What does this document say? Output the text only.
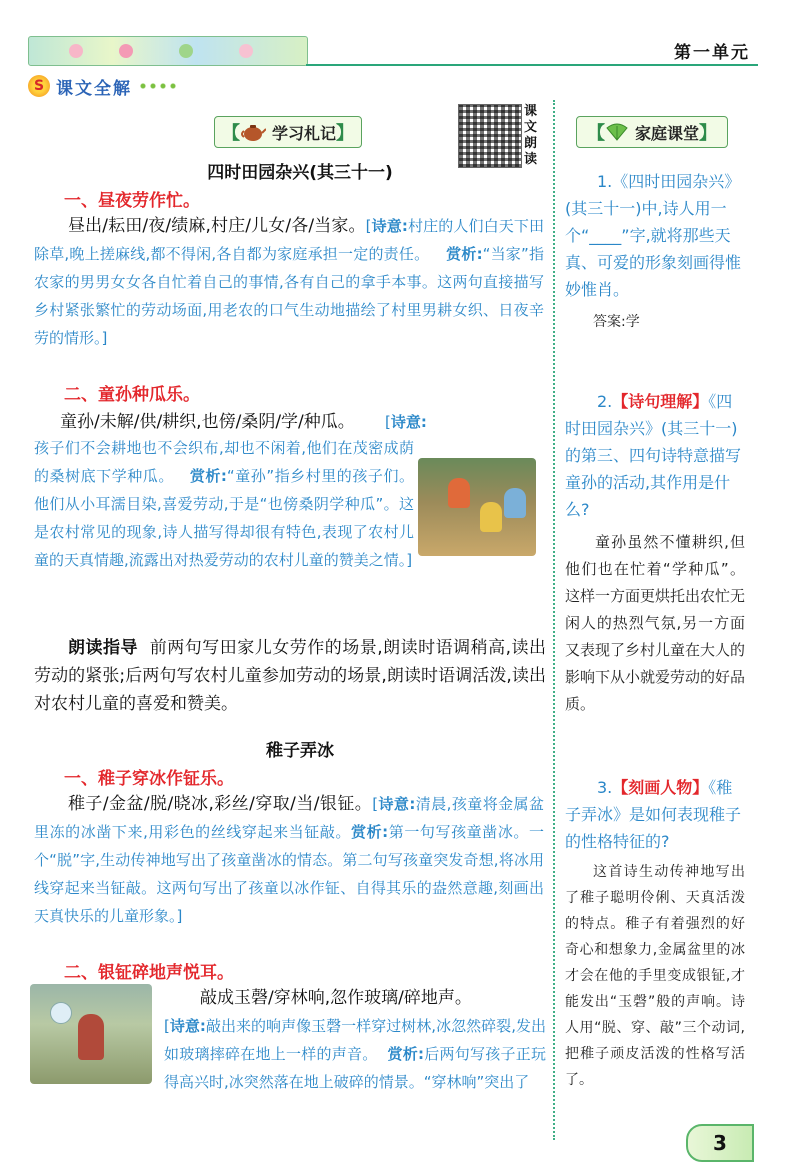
第一单元
S 课文全解
【 学习札记 】
课文朗读
四时田园杂兴(其三十一)
一、昼夜劳作忙。
昼出/耘田/夜/绩麻,村庄/儿女/各/当家。[诗意:村庄的人们白天下田除草,晚上搓麻线,都不得闲,各自都为家庭承担一定的责任。 赏析:“当家”指农家的男男女女各自忙着自己的事情,各有自己的拿手本事。这两句直接描写乡村紧张繁忙的劳动场面,用老农的口气生动地描绘了村里男耕女织、日夜辛劳的情形。]
二、童孙种瓜乐。
童孙/未解/供/耕织,也傍/桑阴/学/种瓜。	[诗意:
孩子们不会耕地也不会织布,却也不闲着,他们在茂密成荫的桑树底下学种瓜。 赏析:“童孙”指乡村里的孩子们。他们从小耳濡目染,喜爱劳动,于是“也傍桑阴学种瓜”。这是农村常见的现象,诗人描写得却很有特色,表现了农村儿童的天真情趣,流露出对热爱劳动的农村儿童的赞美之情。]
朗读指导 前两句写田家儿女劳作的场景,朗读时语调稍高,读出劳动的紧张;后两句写农村儿童参加劳动的场景,朗读时语调活泼,读出对农村儿童的喜爱和赞美。
稚子弄冰
一、稚子穿冰作钲乐。
稚子/金盆/脱/晓冰,彩丝/穿取/当/银钲。[诗意:清晨,孩童将金属盆里冻的冰凿下来,用彩色的丝线穿起来当钲敲。赏析:第一句写孩童凿冰。一个“脱”字,生动传神地写出了孩童凿冰的情态。第二句写孩童突发奇想,将冰用线穿起来当钲敲。这两句写出了孩童以冰作钲、自得其乐的盎然意趣,刻画出天真快乐的儿童形象。]
二、银钲碎地声悦耳。
敲成玉磬/穿林响,忽作玻璃/碎地声。
[诗意:敲出来的响声像玉磬一样穿过树林,冰忽然碎裂,发出如玻璃摔碎在地上一样的声音。 赏析:后两句写孩子正玩得高兴时,冰突然落在地上破碎的情景。“穿林响”突出了
【 家庭课堂 】
1.《四时田园杂兴》(其三十一)中,诗人用一个“____”字,就将那些天真、可爱的形象刻画得惟妙惟肖。
答案:学
2.【诗句理解】《四时田园杂兴》(其三十一)的第三、四句诗特意描写童孙的活动,其作用是什么?
童孙虽然不懂耕织,但他们也在忙着“学种瓜”。这样一方面更烘托出农忙无闲人的热烈气氛,另一方面又表现了乡村儿童在大人的影响下从小就爱劳动的好品质。
3.【刻画人物】《稚子弄冰》是如何表现稚子的性格特征的?
这首诗生动传神地写出了稚子聪明伶俐、天真活泼的特点。稚子有着强烈的好奇心和想象力,金属盆里的冰才会在他的手里变成银钲,才能发出“玉磬”般的声响。诗人用“脱、穿、敲”三个动词,把稚子顽皮活泼的性格写活了。
3
